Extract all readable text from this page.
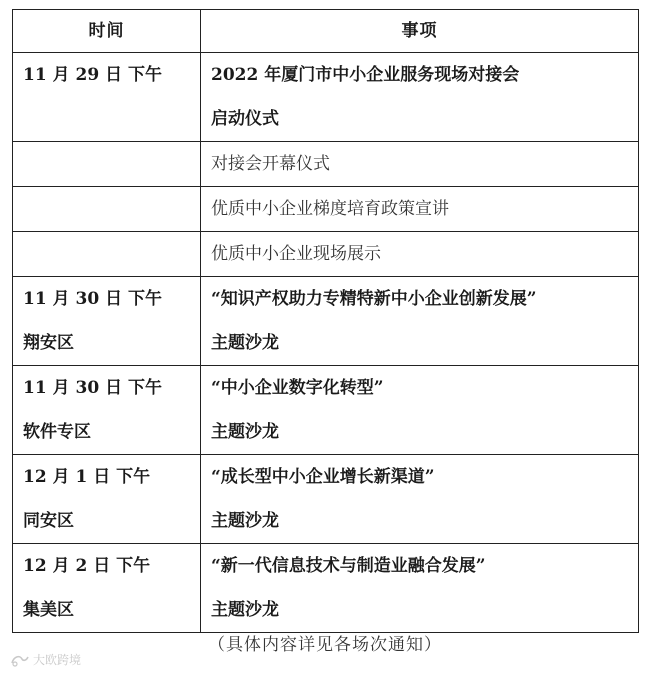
时间	事项

11 月 29 日 下午	2022 年厦门市中小企业服务现场对接会
启动仪式

	对接会开幕仪式

	优质中小企业梯度培育政策宣讲

	优质中小企业现场展示

11 月 30 日 下午
翔安区	“知识产权助力专精特新中小企业创新发展”
主题沙龙

11 月 30 日 下午
软件专区	“中小企业数字化转型”
主题沙龙

12 月 1 日 下午
同安区	“成长型中小企业增长新渠道”
主题沙龙

12 月 2 日 下午
集美区	“新一代信息技术与制造业融合发展”
主题沙龙
（具体内容详见各场次通知）
大欧跨境
